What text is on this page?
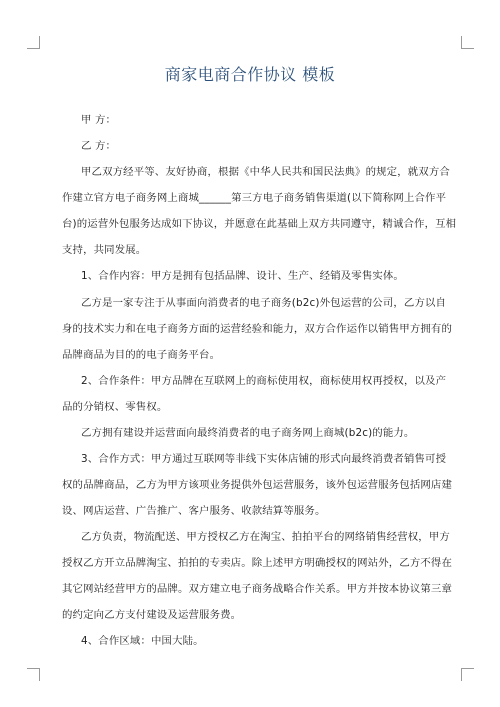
商家电商合作协议 模板
甲 方：
乙 方：
甲乙双方经平等、友好协商，根据《中华人民共和国民法典》的规定，就双方合
作建立官方电子商务网上商城______第三方电子商务销售渠道(以下简称网上合作平
台)的运营外包服务达成如下协议，并愿意在此基础上双方共同遵守，精诚合作，互相
支持，共同发展。
1、合作内容：甲方是拥有包括品牌、设计、生产、经销及零售实体。
乙方是一家专注于从事面向消费者的电子商务(b2c)外包运营的公司，乙方以自
身的技术实力和在电子商务方面的运营经验和能力，双方合作运作以销售甲方拥有的
品牌商品为目的的电子商务平台。
2、合作条件：甲方品牌在互联网上的商标使用权，商标使用权再授权，以及产
品的分销权、零售权。
乙方拥有建设并运营面向最终消费者的电子商务网上商城(b2c)的能力。
3、合作方式：甲方通过互联网等非线下实体店铺的形式向最终消费者销售可授
权的品牌商品，乙方为甲方该项业务提供外包运营服务，该外包运营服务包括网店建
设、网店运营、广告推广、客户服务、收款结算等服务。
乙方负责，物流配送、甲方授权乙方在淘宝、拍拍平台的网络销售经营权，甲方
授权乙方开立品牌淘宝、拍拍的专卖店。除上述甲方明确授权的网站外，乙方不得在
其它网站经营甲方的品牌。双方建立电子商务战略合作关系。甲方并按本协议第三章
的约定向乙方支付建设及运营服务费。
4、合作区域：中国大陆。
